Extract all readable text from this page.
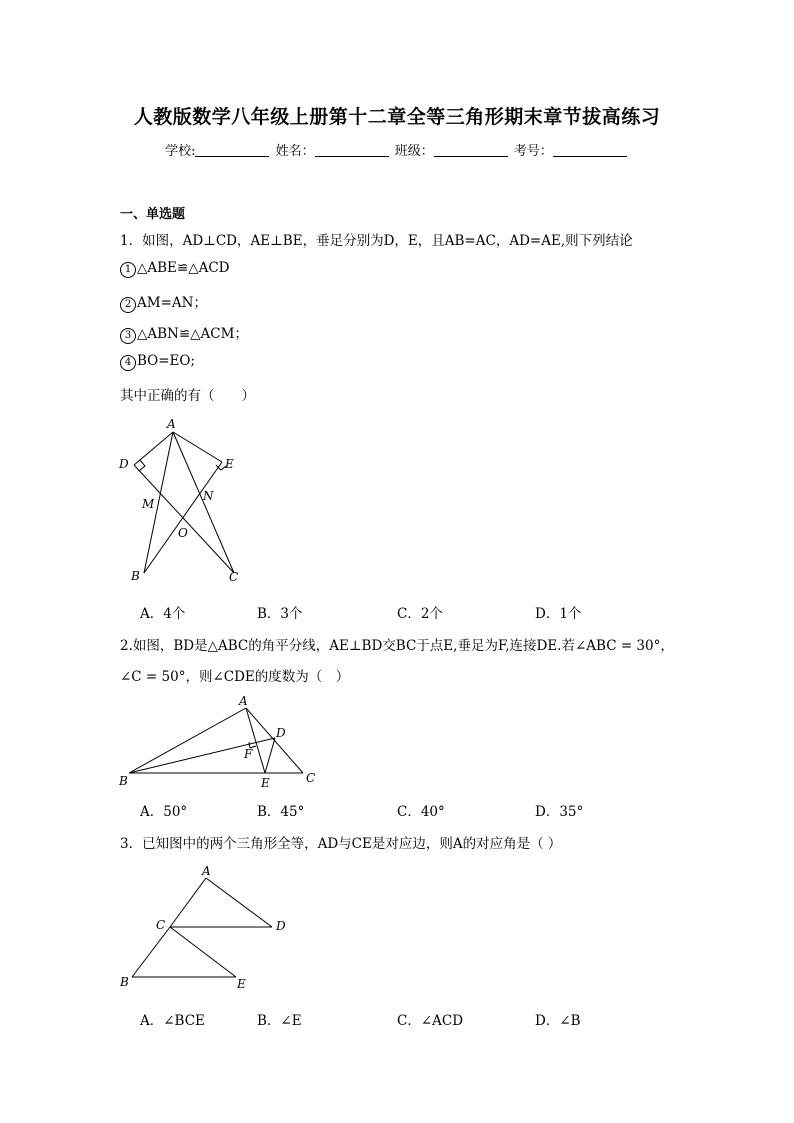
人教版数学八年级上册第十二章全等三角形期末章节拔高练习
学校:	姓名：	班级：	考号：
一、单选题
1．如图，AD⊥CD，AE⊥BE，垂足分别为D，E，且AB=AC，AD=AE,则下列结论
1 △ABE≌△ACD
2 AM=AN；
3 △ABN≌△ACM；
4 BO=EO;
其中正确的有（　　）
A
D	E
M
N
O
B	C
A．4个	B．3个	C．2个	D．1个
2.如图，BD是△ABC的角平分线，AE⊥BD交BC于点E,垂足为F,连接DE.若∠ABC = 30°，
∠C = 50°，则∠CDE的度数为（　）
A
D
F
B	E	C
A．50°	B．45°	C．40°	D．35°
3．已知图中的两个三角形全等，AD与CE是对应边，则A的对应角是（ ）
A
C	D
B	E
A．∠BCE	B．∠E	C．∠ACD	D．∠B
